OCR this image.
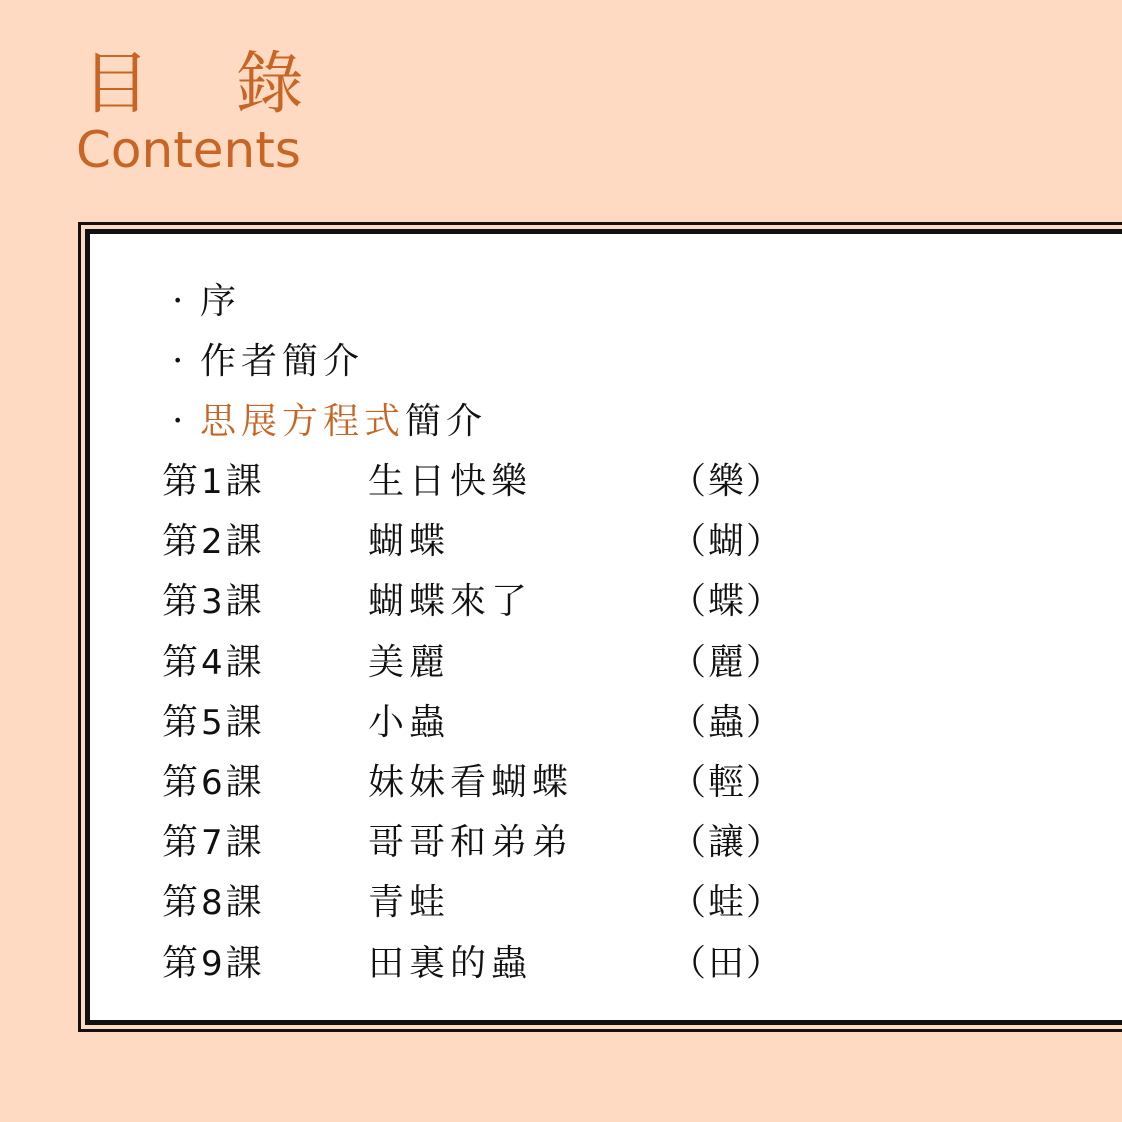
目 錄
Contents
· 序
· 作者簡介
· 思展方程式簡介
第1課	生日快樂	（樂）
第2課	蝴蝶	（蝴）
第3課	蝴蝶來了	（蝶）
第4課	美麗	（麗）
第5課	小蟲	（蟲）
第6課	妹妹看蝴蝶	（輕）
第7課	哥哥和弟弟	（讓）
第8課	青蛙	（蛙）
第9課	田裏的蟲	（田）
